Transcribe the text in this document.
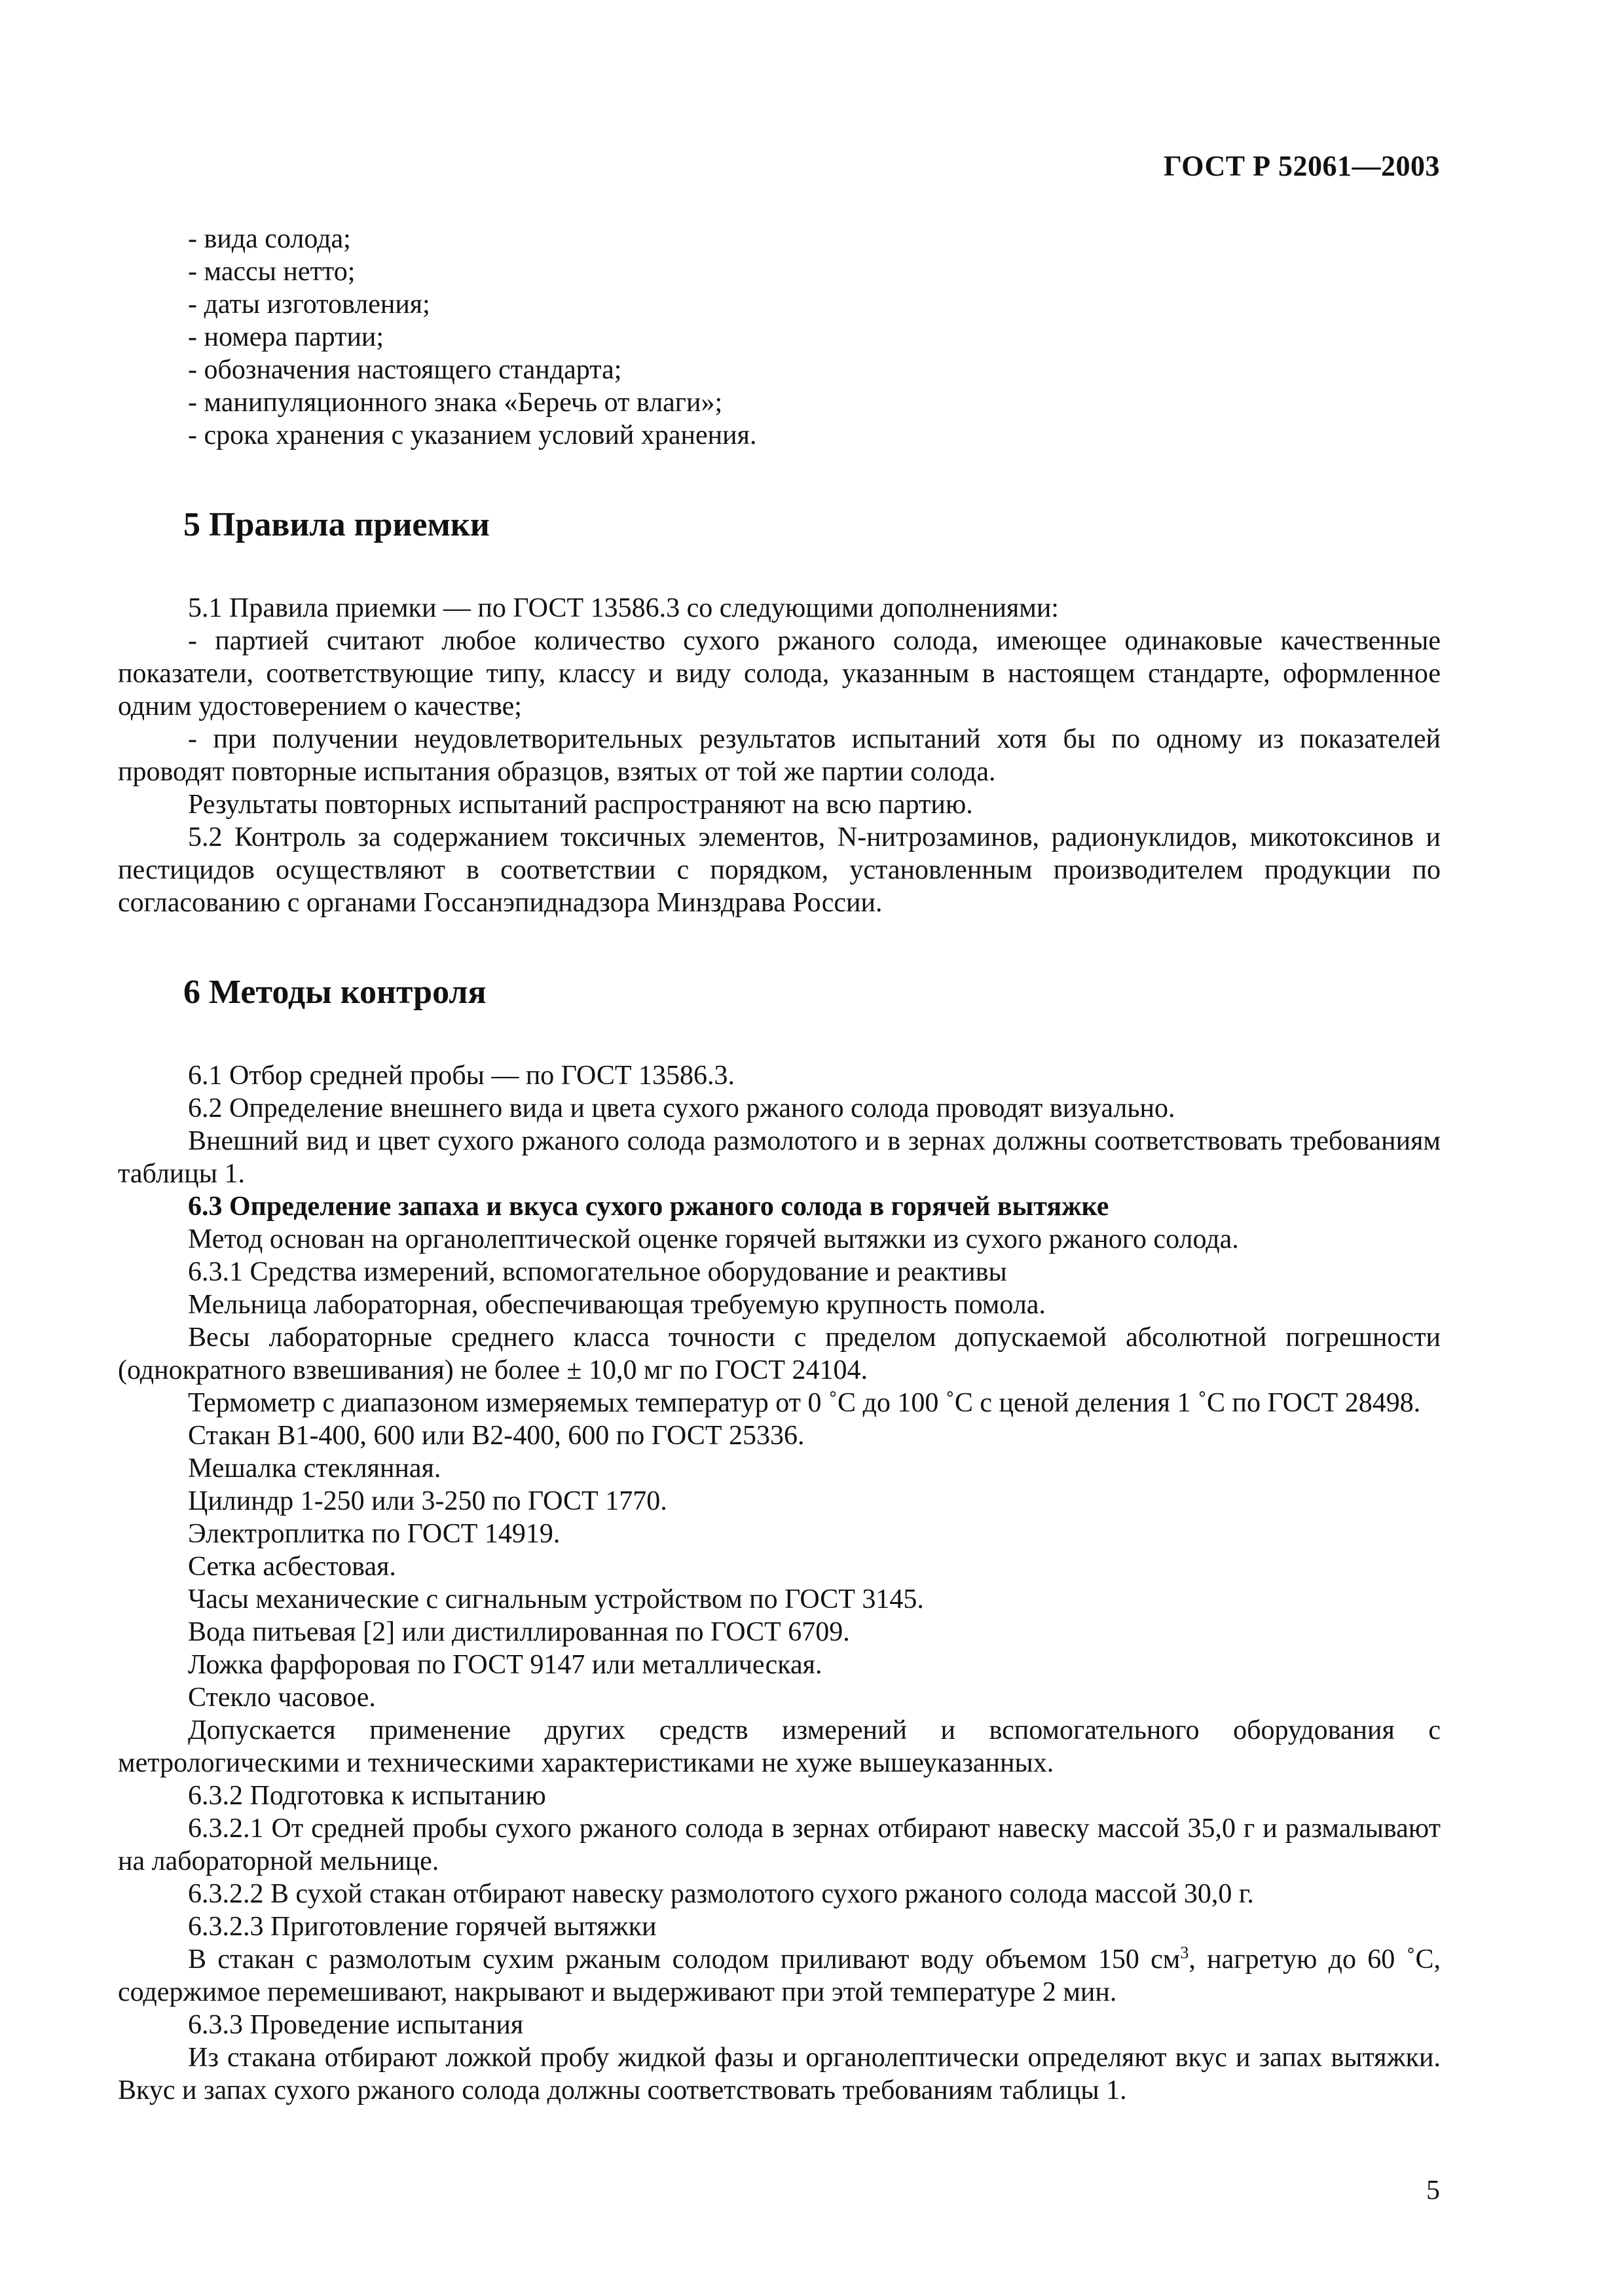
ГОСТ Р 52061—2003

- вида солода;

- массы нетто;

- даты изготовления;

- номера партии;

- обозначения настоящего стандарта;

- манипуляционного знака «Беречь от влаги»;

- срока хранения с указанием условий хранения.

5 Правила приемки

5.1 Правила приемки — по ГОСТ 13586.3 со следующими дополнениями:

- партией считают любое количество сухого ржаного солода, имеющее одинаковые качественные показатели, соответствующие типу, классу и виду солода, указанным в настоящем стандарте, оформленное одним удостоверением о качестве;

- при получении неудовлетворительных результатов испытаний хотя бы по одному из показателей проводят повторные испытания образцов, взятых от той же партии солода.

Результаты повторных испытаний распространяют на всю партию.

5.2 Контроль за содержанием токсичных элементов, N-нитрозаминов, радионуклидов, микотоксинов и пестицидов осуществляют в соответствии с порядком, установленным производителем продукции по согласованию с органами Госсанэпиднадзора Минздрава России.

6 Методы контроля

6.1 Отбор средней пробы — по ГОСТ 13586.3.

6.2 Определение внешнего вида и цвета сухого ржаного солода проводят визуально.

Внешний вид и цвет сухого ржаного солода размолотого и в зернах должны соответствовать требованиям таблицы 1.

6.3 Определение запаха и вкуса сухого ржаного солода в горячей вытяжке

Метод основан на органолептической оценке горячей вытяжки из сухого ржаного солода.

6.3.1 Средства измерений, вспомогательное оборудование и реактивы

Мельница лабораторная, обеспечивающая требуемую крупность помола.

Весы лабораторные среднего класса точности с пределом допускаемой абсолютной погрешности (однократного взвешивания) не более ± 10,0 мг по ГОСТ 24104.

Термометр с диапазоном измеряемых температур от 0 ˚С до 100 ˚С с ценой деления 1 ˚С по ГОСТ 28498.

Стакан В1-400, 600 или В2-400, 600 по ГОСТ 25336.

Мешалка стеклянная.

Цилиндр 1-250 или 3-250 по ГОСТ 1770.

Электроплитка по ГОСТ 14919.

Сетка асбестовая.

Часы механические с сигнальным устройством по ГОСТ 3145.

Вода питьевая [2] или дистиллированная по ГОСТ 6709.

Ложка фарфоровая по ГОСТ 9147 или металлическая.

Стекло часовое.

Допускается применение других средств измерений и вспомогательного оборудования с метрологическими и техническими характеристиками не хуже вышеуказанных.

6.3.2 Подготовка к испытанию

6.3.2.1 От средней пробы сухого ржаного солода в зернах отбирают навеску массой 35,0 г и размалывают на лабораторной мельнице.

6.3.2.2 В сухой стакан отбирают навеску размолотого сухого ржаного солода массой 30,0 г.

6.3.2.3 Приготовление горячей вытяжки

В стакан с размолотым сухим ржаным солодом приливают воду объемом 150 $см^3$, нагретую до 60 ˚С, содержимое перемешивают, накрывают и выдерживают при этой температуре 2 мин.

6.3.3 Проведение испытания

Из стакана отбирают ложкой пробу жидкой фазы и органолептически определяют вкус и запах вытяжки. Вкус и запах сухого ржаного солода должны соответствовать требованиям таблицы 1.

5
